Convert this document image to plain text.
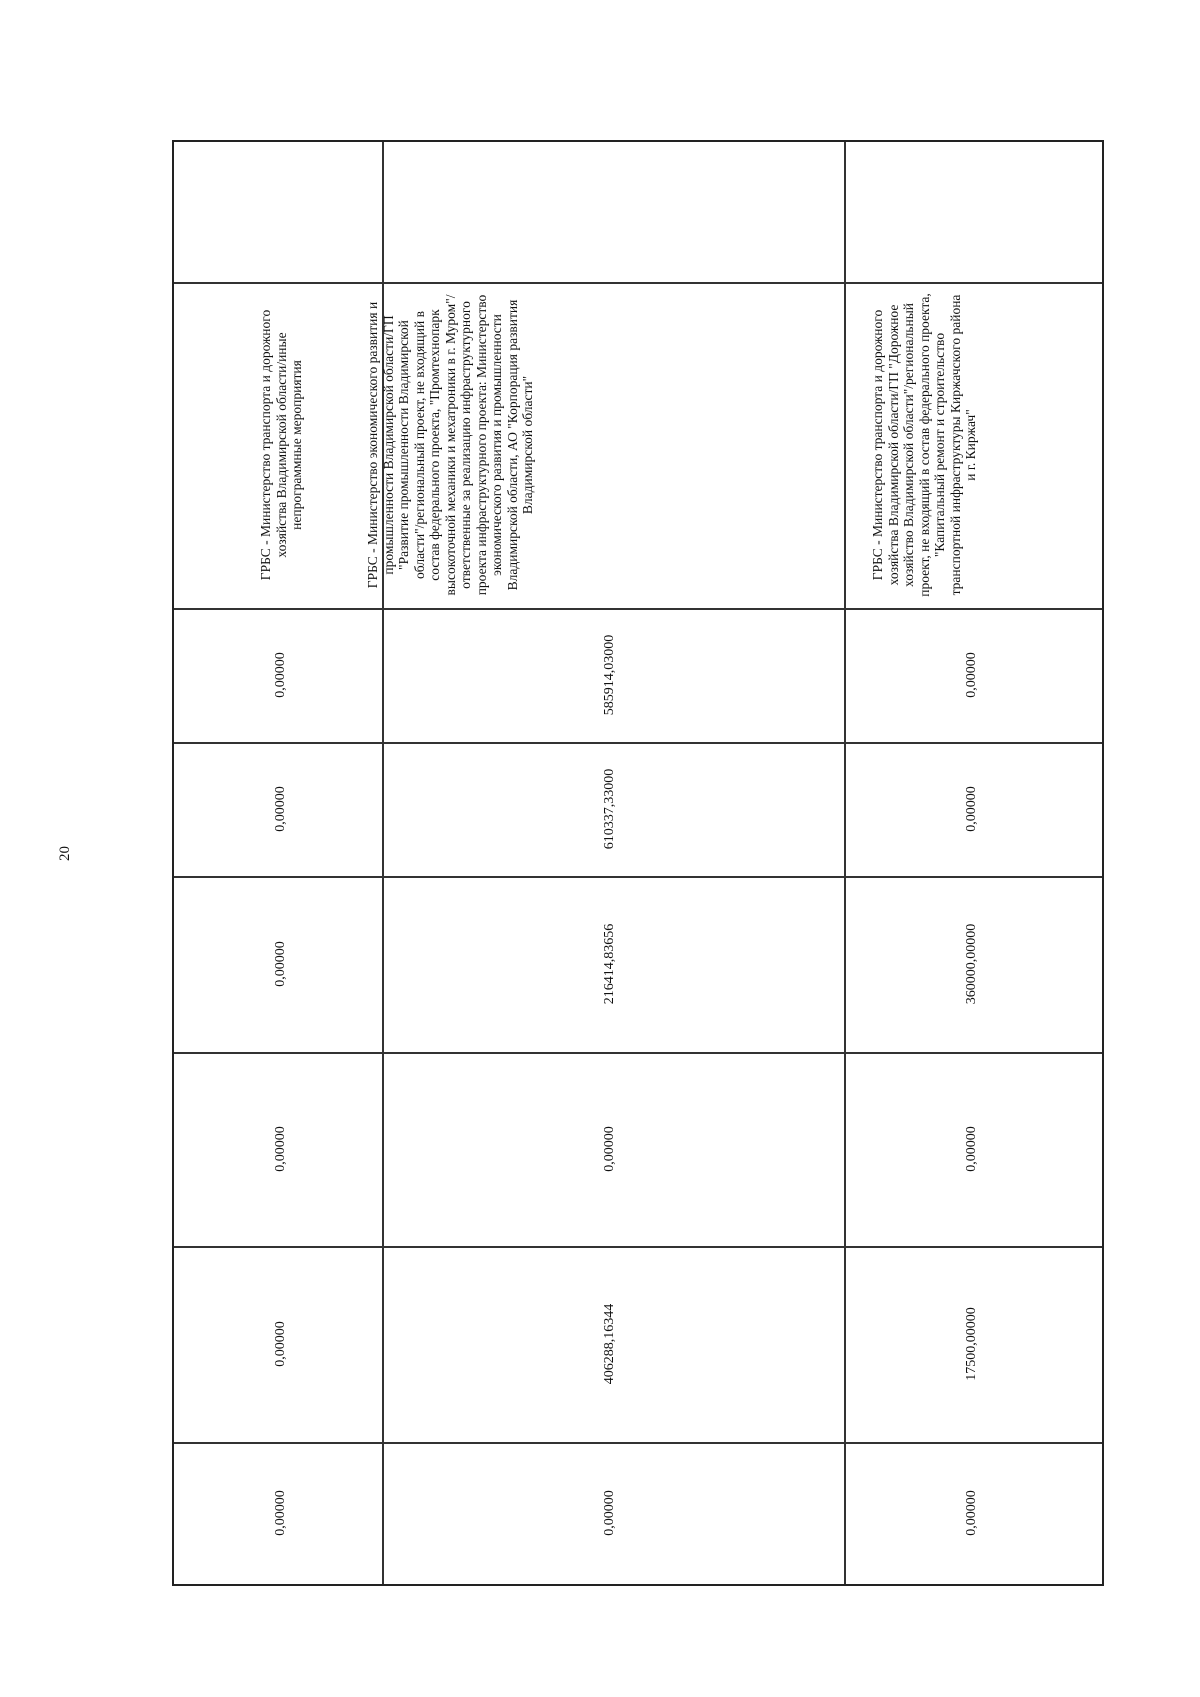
20
ГРБС - Министерство транспорта и дорожного хозяйства Владимирской области/иные непрограммные мероприятия
0,00000
0,00000
0,00000
0,00000
0,00000
0,00000
ГРБС - Министерство экономического развития и промышленности Владимирской области/ГП "Развитие промышленности Владимирской области"/региональный проект, не входящий в состав федерального проекта, "Промтехнопарк высокоточной механики и мехатроники в г. Муром"/ответственные за реализацию инфраструктурного проекта инфраструктурного проекта: Министерство экономического развития и промышленности Владимирской области, АО "Корпорация развития Владимирской области"
585914,03000
610337,33000
216414,83656
0,00000
406288,16344
0,00000
ГРБС - Министерство транспорта и дорожного хозяйства Владимирской области/ГП "Дорожное хозяйство Владимирской области"/региональный проект, не входящий в состав федерального проекта, "Капитальный ремонт и строительство транспортной инфраструктуры Киржачского района и г. Киржач"
0,00000
0,00000
360000,00000
0,00000
17500,00000
0,00000
